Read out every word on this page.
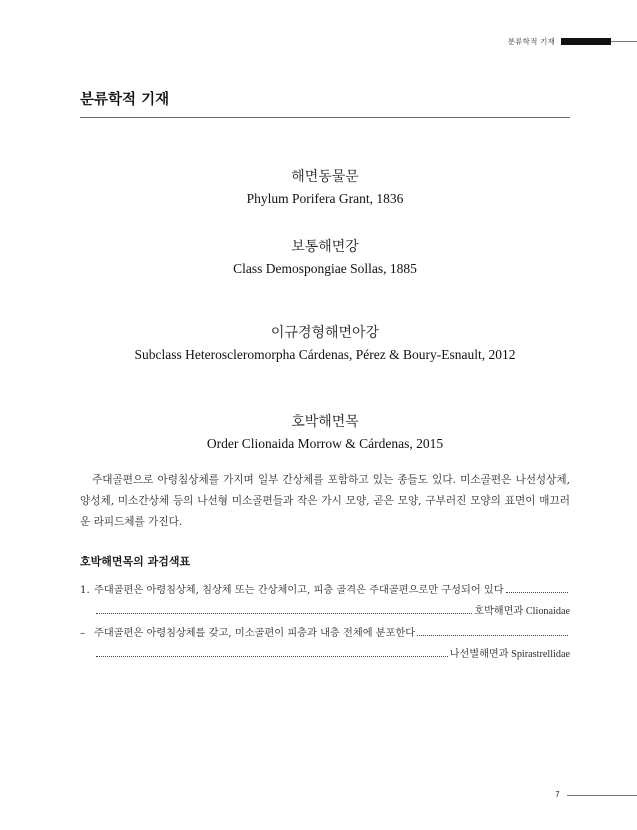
분류학적 기재
분류학적 기재
해면동물문
Phylum Porifera Grant, 1836
보통해면강
Class Demospongiae Sollas, 1885
이규경형해면아강
Subclass Heteroscleromorpha Cárdenas, Pérez & Boury-Esnault, 2012
호박해면목
Order Clionaida Morrow & Cárdenas, 2015
주대골편으로 아령침상체를 가지며 일부 간상체를 포함하고 있는 종들도 있다. 미소골편은 나선성상체, 양성체, 미소간상체 등의 나선형 미소골편들과 작은 가시 모양, 곧은 모양, 구부러진 모양의 표면이 매끄러운 라피드체를 가진다.
호박해면목의 과검색표
1. 주대골편은 아령침상체, 침상체 또는 간상체이고, 피층 골격은 주대골편으로만 구성되어 있다
호박해면과 Clionaidae
– 주대골편은 아령침상체를 갖고, 미소골편이 피층과 내층 전체에 분포한다
나선별해면과 Spirastrellidae
7
